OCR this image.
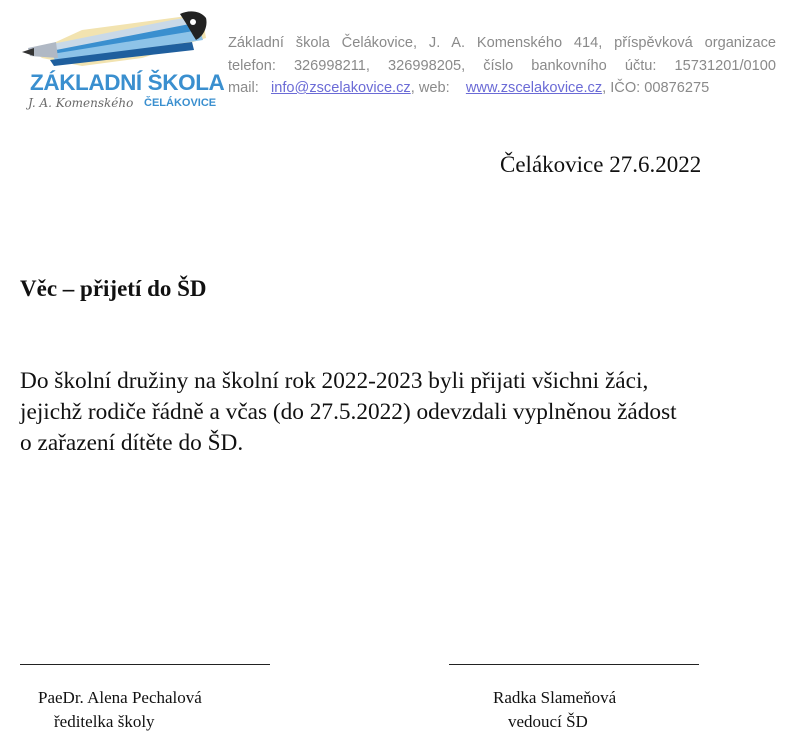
ZÁKLADNÍ ŠKOLA
J. A. Komenského ČELÁKOVICE
Základní škola Čelákovice, J. A. Komenského 414, příspěvková organizace
telefon: 326998211, 326998205, číslo bankovního účtu: 15731201/0100
mail: info@zscelakovice.cz, web: www.zscelakovice.cz, IČO: 00876275
Čelákovice 27.6.2022
Věc – přijetí do ŠD
Do školní družiny na školní rok 2022-2023 byli přijati všichni žáci,
jejichž rodiče řádně a včas (do 27.5.2022) odevzdali vyplněnou žádost
o zařazení dítěte do ŠD.
PaeDr. Alena Pechalová
ředitelka školy
Radka Slameňová
vedoucí ŠD
